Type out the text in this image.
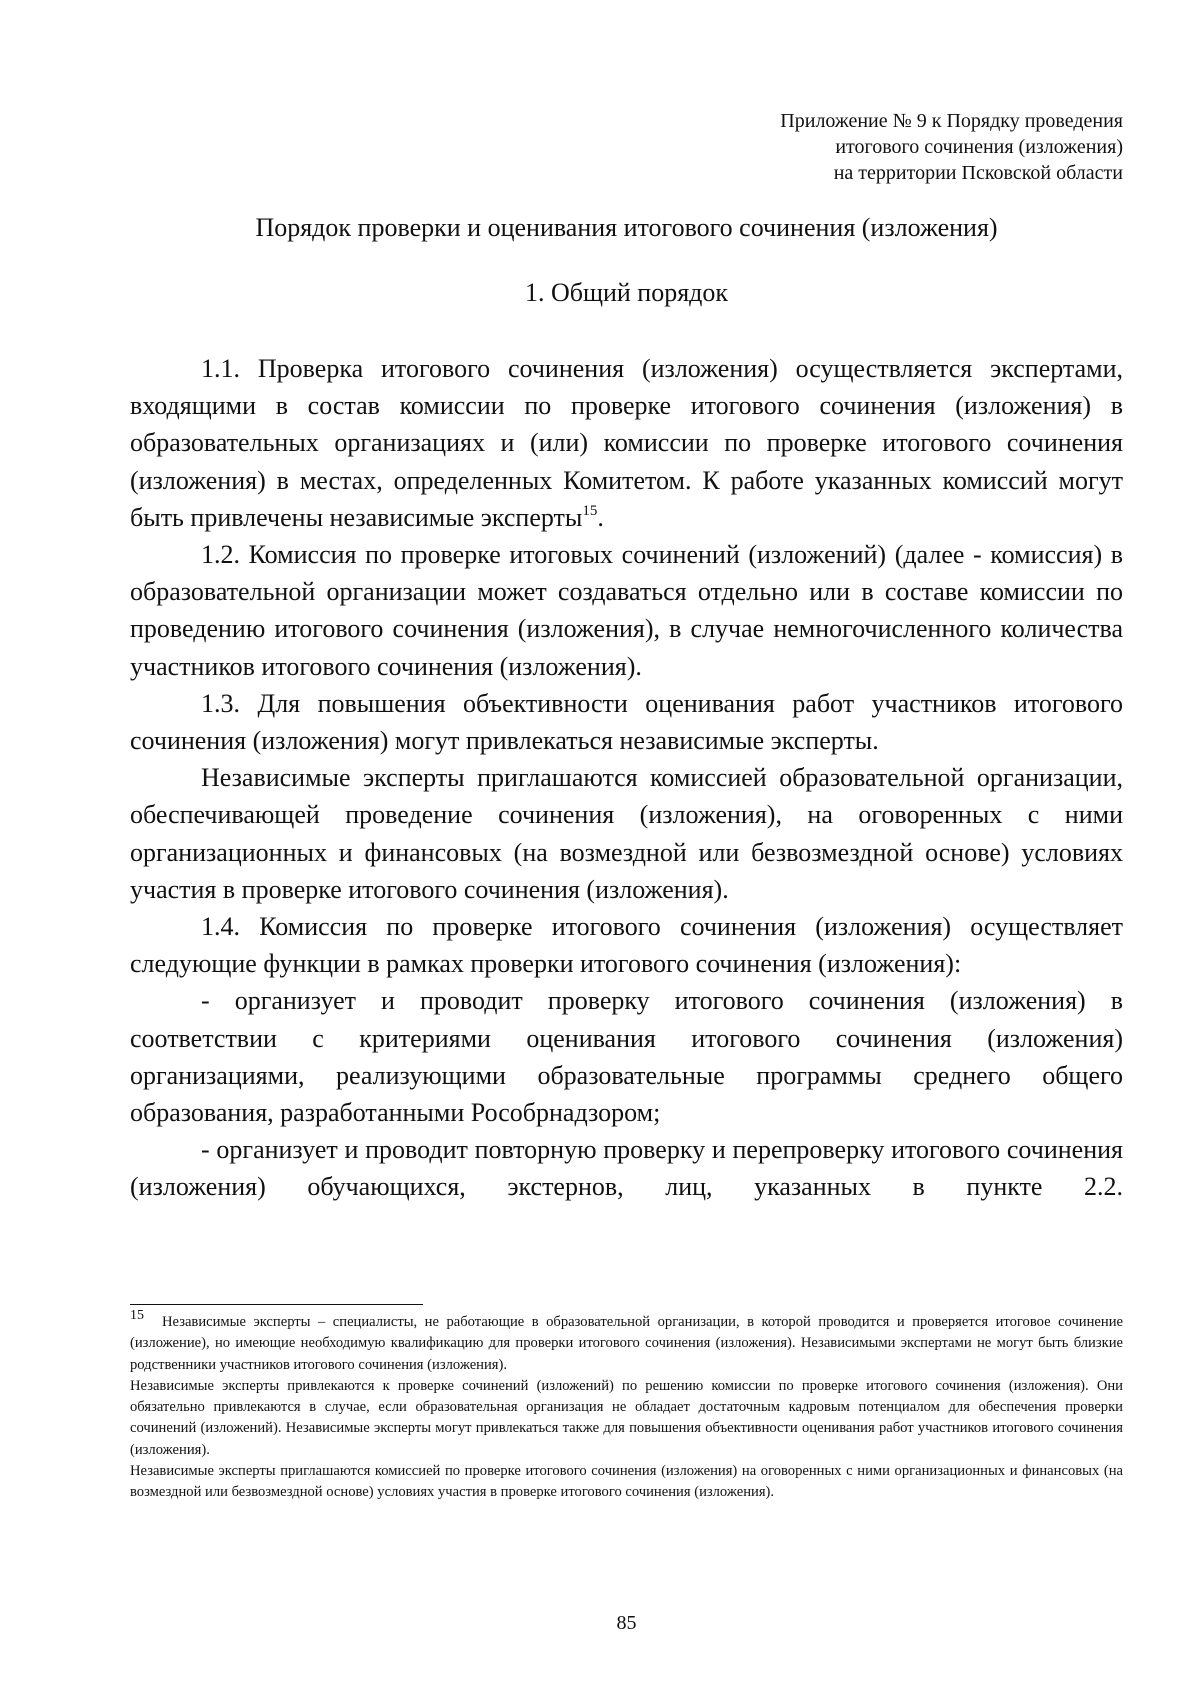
Приложение № 9 к Порядку проведения
итогового сочинения (изложения)
на территории Псковской области
Порядок проверки и оценивания итогового сочинения (изложения)
1. Общий порядок

1.1. Проверка итогового сочинения (изложения) осуществляется экспертами, входящими в состав комиссии по проверке итогового сочинения (изложения) в образовательных организациях и (или) комиссии по проверке итогового сочинения (изложения) в местах, определенных Комитетом. К работе указанных комиссий могут быть привлечены независимые эксперты$^{15}$.

1.2. Комиссия по проверке итоговых сочинений (изложений) (далее - комиссия) в образовательной организации может создаваться отдельно или в составе комиссии по проведению итогового сочинения (изложения), в случае немногочисленного количества участников итогового сочинения (изложения).

1.3. Для повышения объективности оценивания работ участников итогового сочинения (изложения) могут привлекаться независимые эксперты.

Независимые эксперты приглашаются комиссией образовательной организации, обеспечивающей проведение сочинения (изложения), на оговоренных с ними организационных и финансовых (на возмездной или безвозмездной основе) условиях участия в проверке итогового сочинения (изложения).

1.4. Комиссия по проверке итогового сочинения (изложения) осуществляет следующие функции в рамках проверки итогового сочинения (изложения):

- организует и проводит проверку итогового сочинения (изложения) в соответствии с критериями оценивания итогового сочинения (изложения) организациями, реализующими образовательные программы среднего общего образования, разработанными Рособрнадзором;

- организует и проводит повторную проверку и перепроверку итогового сочинения (изложения) обучающихся, экстернов, лиц, указанных в пункте 2.2.

$^{15}$ Независимые эксперты – специалисты, не работающие в образовательной организации, в которой проводится и проверяется итоговое сочинение (изложение), но имеющие необходимую квалификацию для проверки итогового сочинения (изложения). Независимыми экспертами не могут быть близкие родственники участников итогового сочинения (изложения).

Независимые эксперты привлекаются к проверке сочинений (изложений) по решению комиссии по проверке итогового сочинения (изложения). Они обязательно привлекаются в случае, если образовательная организация не обладает достаточным кадровым потенциалом для обеспечения проверки сочинений (изложений). Независимые эксперты могут привлекаться также для повышения объективности оценивания работ участников итогового сочинения (изложения).

Независимые эксперты приглашаются комиссией по проверке итогового сочинения (изложения) на оговоренных с ними организационных и финансовых (на возмездной или безвозмездной основе) условиях участия в проверке итогового сочинения (изложения).

85
